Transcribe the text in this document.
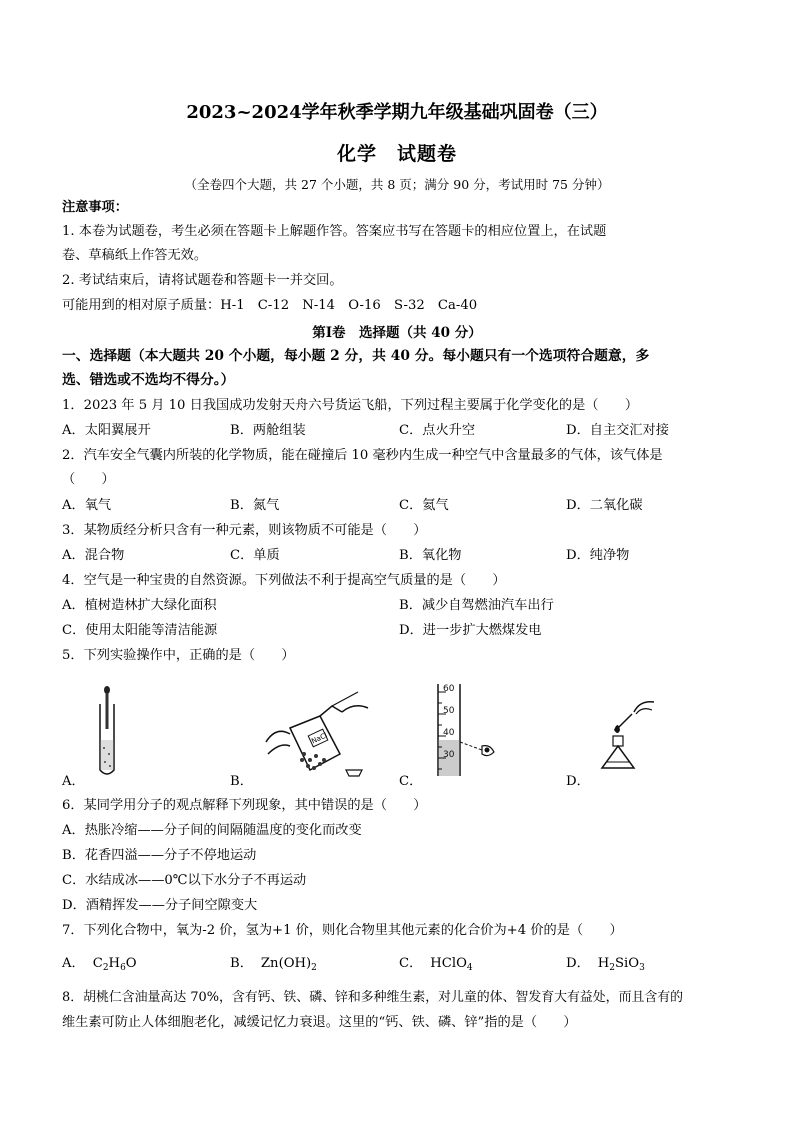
2023~2024学年秋季学期九年级基础巩固卷（三）
化学　试题卷
（全卷四个大题，共 27 个小题，共 8 页；满分 90 分，考试用时 75 分钟）
注意事项：
1. 本卷为试题卷，考生必须在答题卡上解题作答。答案应书写在答题卡的相应位置上，在试题
卷、草稿纸上作答无效。
2. 考试结束后，请将试题卷和答题卡一并交回。
可能用到的相对原子质量：H-1　C-12　N-14　O-16　S-32　Ca-40
第Ⅰ卷　选择题（共 40 分）
一、选择题（本大题共 20 个小题，每小题 2 分，共 40 分。每小题只有一个选项符合题意，多
选、错选或不选均不得分。）
1．2023 年 5 月 10 日我国成功发射天舟六号货运飞船，下列过程主要属于化学变化的是（　　）
A．太阳翼展开	B．两舱组装	C．点火升空	D．自主交汇对接
2．汽车安全气囊内所装的化学物质，能在碰撞后 10 毫秒内生成一种空气中含量最多的气体，该气体是
（　　）
A．氧气	B．氮气	C．氦气	D．二氧化碳
3．某物质经分析只含有一种元素，则该物质不可能是（　　）
A．混合物	C．单质	B．氧化物	D．纯净物
4．空气是一种宝贵的自然资源。下列做法不利于提高空气质量的是（　　）
A．植树造林扩大绿化面积	B．减少自驾燃油汽车出行
C．使用太阳能等清洁能源	D．进一步扩大燃煤发电
5．下列实验操作中，正确的是（　　）
A．
NaCl
B．
60
50
40
30
C．	D．
6．某同学用分子的观点解释下列现象，其中错误的是（　　）
A．热胀冷缩——分子间的间隔随温度的变化而改变
B．花香四溢——分子不停地运动
C．水结成冰——0℃以下水分子不再运动
D．酒精挥发——分子间空隙变大
7．下列化合物中，氧为-2 价，氢为+1 价，则化合物里其他元素的化合价为+4 价的是（　　）
A． $C_2H_6O$	B． $Zn(OH)_2$	C． HClO$_4$	D． $H_2SiO_3$
8．胡桃仁含油量高达 70%，含有钙、铁、磷、锌和多种维生素，对儿童的体、智发育大有益处，而且含有的
维生素可防止人体细胞老化，减缓记忆力衰退。这里的“钙、铁、磷、锌”指的是（　　）
